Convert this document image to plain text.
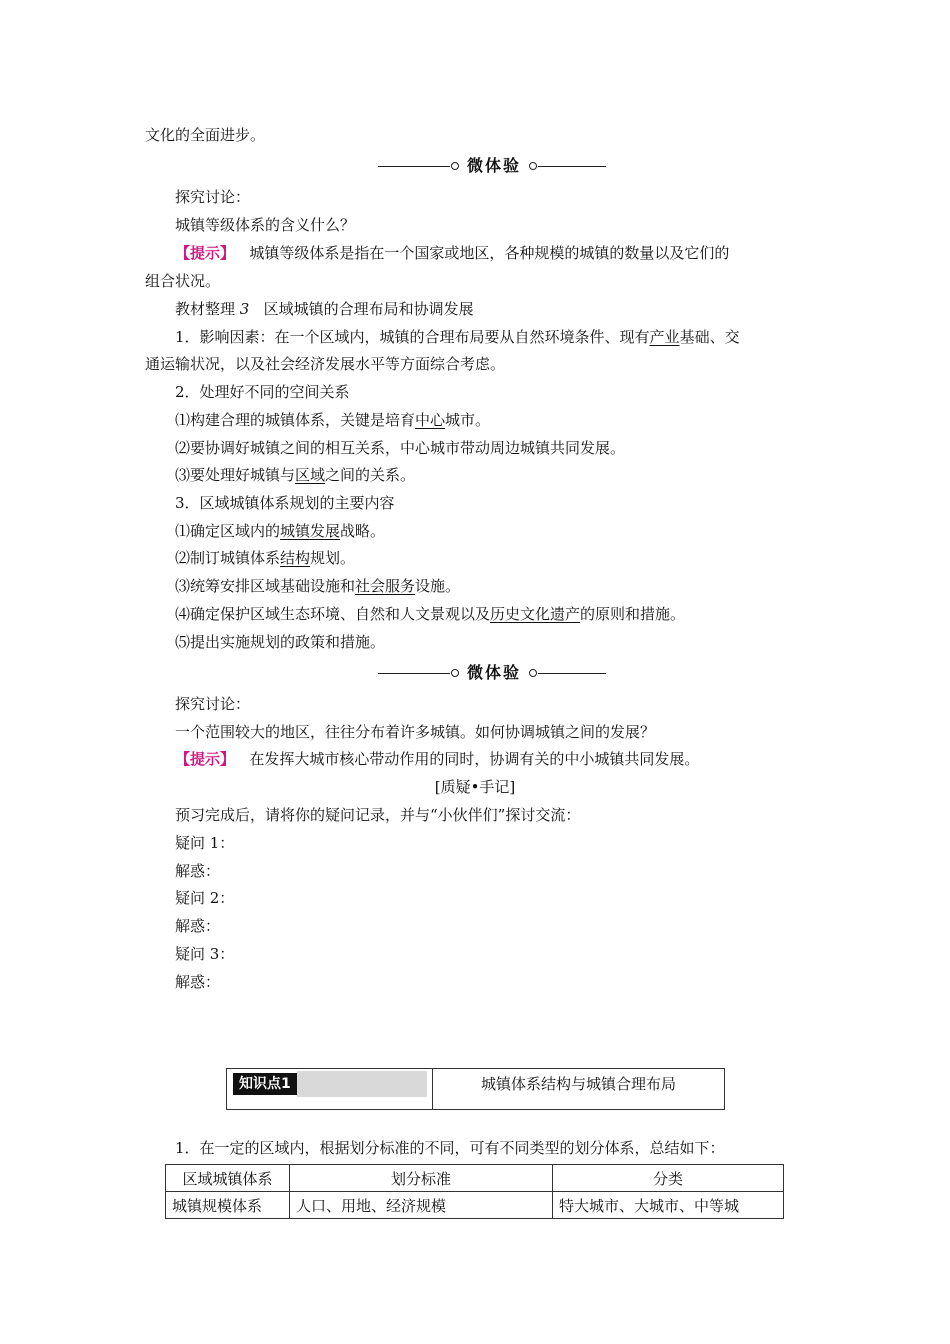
文化的全面进步。
微体验
探究讨论：
城镇等级体系的含义什么？
【提示】 城镇等级体系是指在一个国家或地区，各种规模的城镇的数量以及它们的
组合状况。
教材整理 3 区域城镇的合理布局和协调发展
1．影响因素：在一个区域内，城镇的合理布局要从自然环境条件、现有产业基础、交
通运输状况，以及社会经济发展水平等方面综合考虑。
2．处理好不同的空间关系
⑴构建合理的城镇体系，关键是培育中心城市。
⑵要协调好城镇之间的相互关系，中心城市带动周边城镇共同发展。
⑶要处理好城镇与区域之间的关系。
3．区域城镇体系规划的主要内容
⑴确定区域内的城镇发展战略。
⑵制订城镇体系结构规划。
⑶统筹安排区域基础设施和社会服务设施。
⑷确定保护区域生态环境、自然和人文景观以及历史文化遗产的原则和措施。
⑸提出实施规划的政策和措施。
微体验
探究讨论：
一个范围较大的地区，往往分布着许多城镇。如何协调城镇之间的发展？
【提示】 在发挥大城市核心带动作用的同时，协调有关的中小城镇共同发展。
[质疑•手记]
预习完成后，请将你的疑问记录，并与“小伙伴们”探讨交流：
疑问 1：
解惑：
疑问 2：
解惑：
疑问 3：
解惑：
知识点1	城镇体系结构与城镇合理布局
1．在一定的区域内，根据划分标准的不同，可有不同类型的划分体系，总结如下：
区域城镇体系	划分标准	分类
城镇规模体系	人口、用地、经济规模	特大城市、大城市、中等城
